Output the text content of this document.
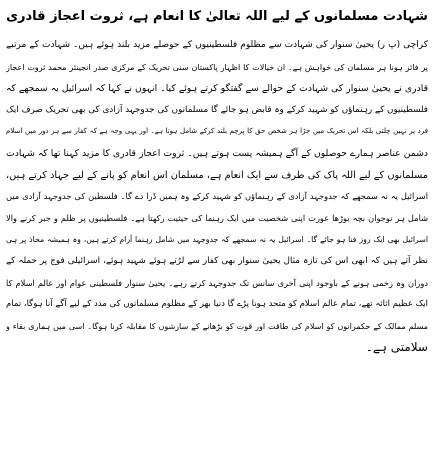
شہادت مسلمانوں کے لیے اللہ تعالیٰ کا انعام ہے، ثروت اعجاز قادری
کراچی (پ ر) یحییٰ سنوار کی شہادت سے مظلوم فلسطینیوں کے حوصلے مزید بلند ہوئے ہیں۔ شہادت کے مرتبے
پر فائز ہونا ہر مسلمان کی خواہش ہے۔ ان خیالات کا اظہار پاکستان سنی تحریک کے مرکزی صدر انجینئر محمد ثروت اعجاز
قادری نے یحییٰ سنوار کی شہادت کے حوالے سے گفتگو کرتے ہوئے کیا۔ انہوں نے کہا کہ اسرائیل یہ سمجھے کہ
فلسطینیوں کے رہنماؤں کو شہید کرکے وہ قابض ہو جائے گا مسلمانوں کی جدوجہد آزادی کی بھی تحریک صرف ایک
فرد پر نہیں چلتی بلکہ اس تحریک میں جڑا ہر شخص حق کا پرچم بلند کرکے شامل ہوتا ہے۔ اور یہی وجہ ہے کہ کفار سے ہر دور میں اسلام
دشمن عناصر ہمارے حوصلوں کے آگے ہمیشہ پست ہوتے ہیں۔ ثروت اعجاز قادری کا مزید کہنا تھا کہ شہادت
مسلمانوں کے لیے اللہ پاک کی طرف سے ایک انعام ہے، مسلمان اس انعام کو پانے کے لیے جہاد کرتے ہیں،
اسرائیل یہ نہ سمجھے کہ جدوجہد آزادی کے رہنماؤں کو شہید کرکے وہ ہمیں ڈرا دے گا۔ فلسطین کی جدوجہد آزادی میں
شامل ہر نوجوان بچہ بوڑھا عورت اپنی شخصیت میں ایک رہنما کی حیثیت رکھتا ہے۔ فلسطینیوں پر ظلم و جبر کرنے والا
اسرائیل بھی ایک روز فنا ہو جائے گا۔ اسرائیل یہ نہ سمجھے کہ جدوجہد میں شامل رہنما آرام کرتے ہیں، وہ ہمیشہ محاذ پر ہی
نظر آتے ہیں کہ ابھی اس کی تازہ مثال یحییٰ سنوار بھی کفار سے لڑتے ہوئے شہید ہوئے، اسرائیلی فوج پر حملہ کے
دوران وہ زخمی ہونے کے باوجود اپنی آخری سانس تک جدوجہد کرتے رہے۔ یحییٰ سنوار فلسطینی عوام اور عالم اسلام کا
ایک عظیم اثاثہ تھے، تمام عالم اسلام کو متحد ہونا پڑے گا دنیا بھر کے مظلوم مسلمانوں کی مدد کے لیے آگے آنا ہوگا، تمام
مسلم ممالک کے حکمرانوں کو اسلام کی طاقت اور قوت کو بڑھانے کے سازشوں کا مقابلہ کرنا ہوگا۔ اسی میں ہماری بقاء و
سلامتی ہے۔
